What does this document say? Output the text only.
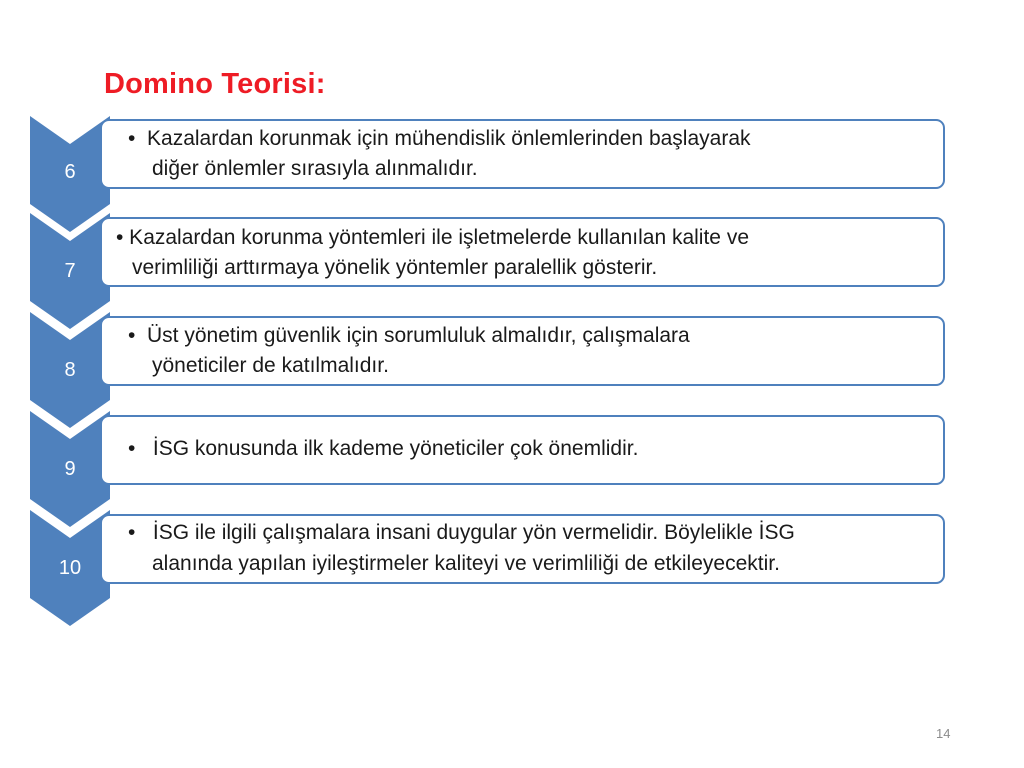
Domino Teorisi:
6
•  Kazalardan korunmak için mühendislik önlemlerinden başlayarak
diğer önlemler sırasıyla alınmalıdır.
7
• Kazalardan korunma yöntemleri ile işletmelerde kullanılan kalite ve
verimliliği arttırmaya yönelik yöntemler paralellik gösterir.
8
•  Üst yönetim güvenlik için sorumluluk almalıdır, çalışmalara
yöneticiler de katılmalıdır.
9
•   İSG konusunda ilk kademe yöneticiler çok önemlidir.
10
•   İSG ile ilgili çalışmalara insani duygular yön vermelidir. Böylelikle İSG
alanında yapılan iyileştirmeler kaliteyi ve verimliliği de etkileyecektir.
14
